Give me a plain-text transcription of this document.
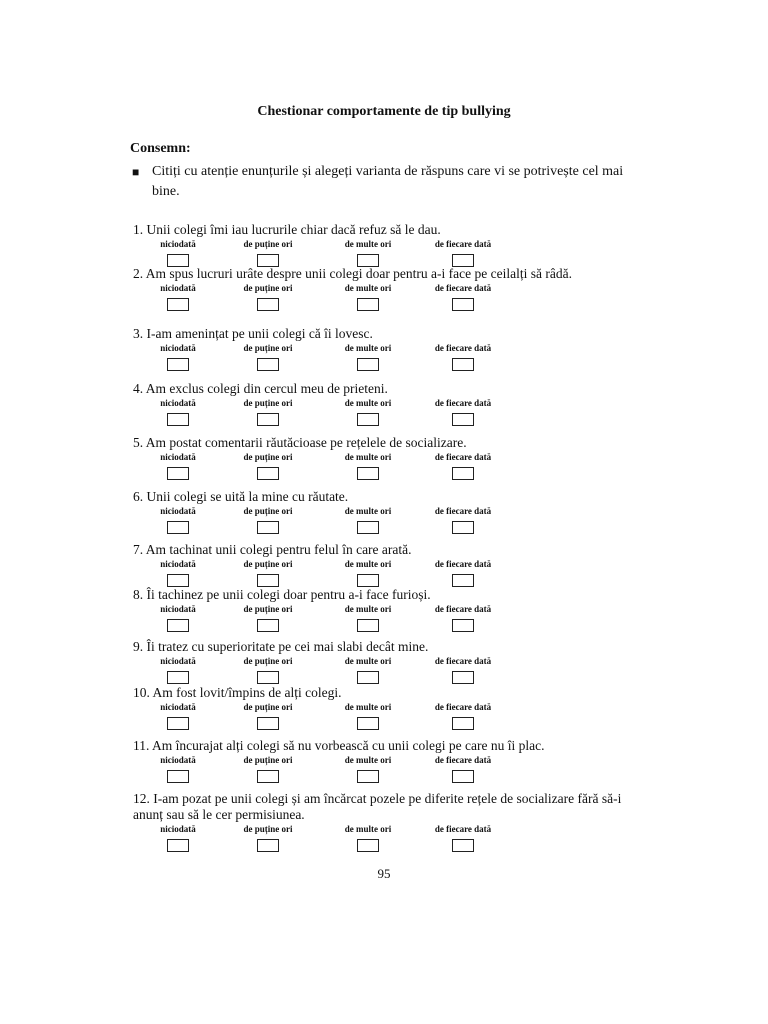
Chestionar comportamente de tip bullying
Consemn:
■ Citiți cu atenție enunțurile și alegeți varianta de răspuns care vi se potrivește cel mai bine.
1. Unii colegi îmi iau lucrurile chiar dacă refuz să le dau.
niciodată	de puține ori	de multe ori	de fiecare dată
2. Am spus lucruri urâte despre unii colegi doar pentru a-i face pe ceilalți să râdă.
niciodată	de puține ori	de multe ori	de fiecare dată
3. I-am amenințat pe unii colegi că îi lovesc.
niciodată	de puține ori	de multe ori	de fiecare dată
4. Am exclus colegi din cercul meu de prieteni.
niciodată	de puține ori	de multe ori	de fiecare dată
5. Am postat comentarii răutăcioase pe rețelele de socializare.
niciodată	de puține ori	de multe ori	de fiecare dată
6. Unii colegi se uită la mine cu răutate.
niciodată	de puține ori	de multe ori	de fiecare dată
7. Am tachinat unii colegi pentru felul în care arată.
niciodată	de puține ori	de multe ori	de fiecare dată
8. Îi tachinez pe unii colegi doar pentru a-i face furioși.
niciodată	de puține ori	de multe ori	de fiecare dată
9. Îi tratez cu superioritate pe cei mai slabi decât mine.
niciodată	de puține ori	de multe ori	de fiecare dată
10. Am fost lovit/împins de alți colegi.
niciodată	de puține ori	de multe ori	de fiecare dată
11. Am încurajat alți colegi să nu vorbească cu unii colegi pe care nu îi plac.
niciodată	de puține ori	de multe ori	de fiecare dată
12. I-am pozat pe unii colegi și am încărcat pozele pe diferite rețele de socializare fără să-i anunț sau să le cer permisiunea.
niciodată	de puține ori	de multe ori	de fiecare dată
95
